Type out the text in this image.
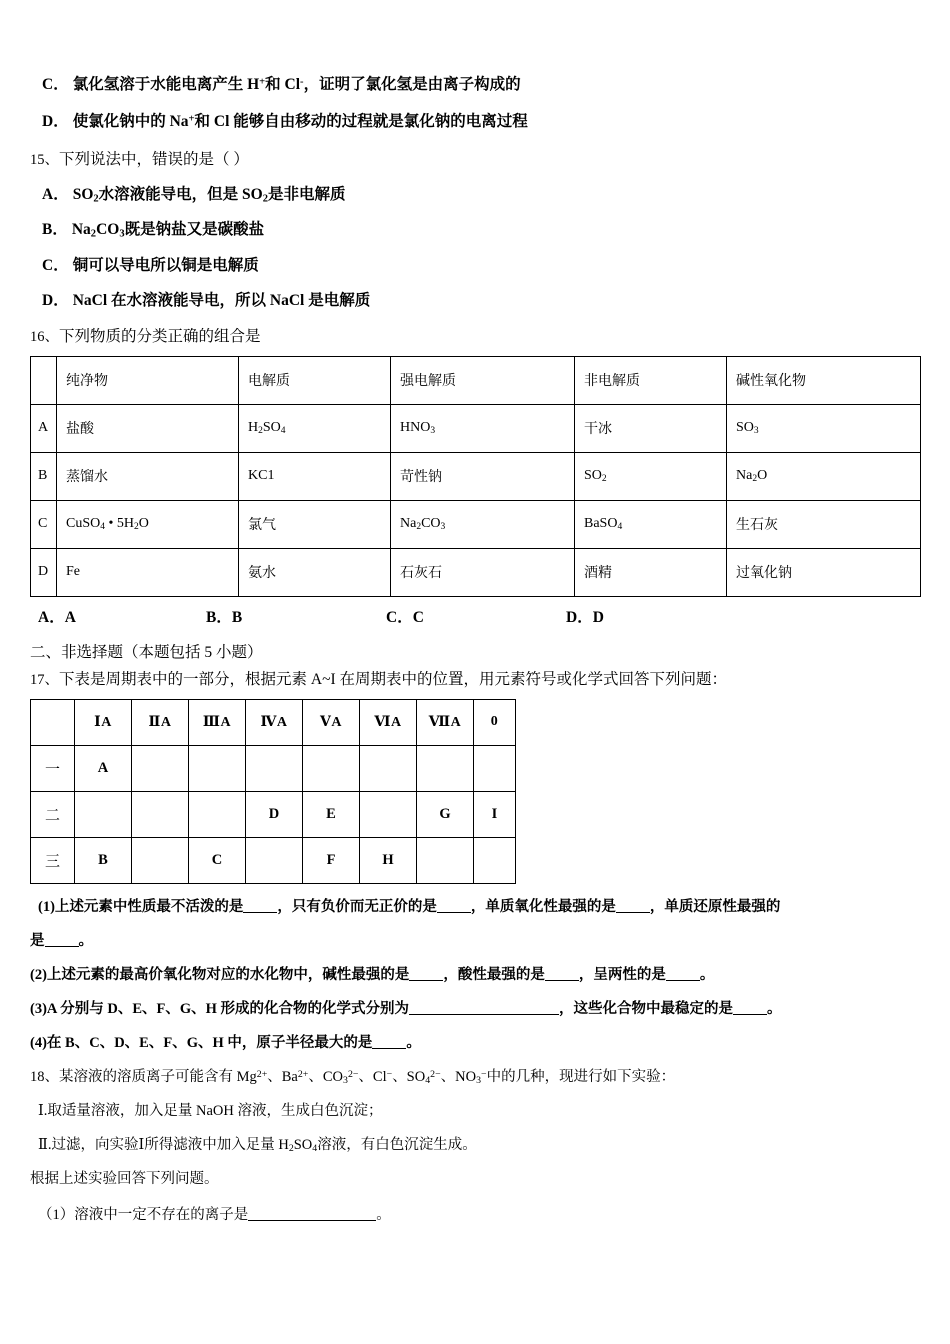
C． 氯化氢溶于水能电离产生 H+和 Cl-，证明了氯化氢是由离子构成的
D． 使氯化钠中的 Na+和 Cl 能够自由移动的过程就是氯化钠的电离过程
15、下列说法中，错误的是（ ）
A． $SO_2$水溶液能导电，但是 $SO_2$是非电解质
B． $Na_2CO_3$既是钠盐又是碳酸盐
C． 铜可以导电所以铜是电解质
D． NaCl 在水溶液能导电，所以 NaCl 是电解质
16、下列物质的分类正确的组合是
	纯净物	电解质	强电解质	非电解质	碱性氧化物
A	盐酸	$H_2SO_4$	$HNO_3$	干冰	$SO_3$
B	蒸馏水	KC1	苛性钠	$SO_2$	$Na_2O$
C	CuSO$_4$ • $5H_2O$	氯气	$Na_2CO_3$	BaSO$_4$	生石灰
D	Fe	氨水	石灰石	酒精	过氧化钠
A．A	B．B	C．C	D．D
二、非选择题（本题包括 5 小题）
17、下表是周期表中的一部分，根据元素 A~I 在周期表中的位置，用元素符号或化学式回答下列问题：
	ⅠA	ⅡA	ⅢA	ⅣA	ⅤA	ⅥA	ⅦA	0
一	A							
二				D	E		G	I
三	B		C		F	H		
(1)上述元素中性质最不活泼的是 ，只有负价而无正价的是 ，单质氧化性最强的是 ，单质还原性最强的
是 。
(2)上述元素的最高价氧化物对应的水化物中，碱性最强的是 ，酸性最强的是 ，呈两性的是 。
(3)A 分别与 D、E、F、G、H 形成的化合物的化学式分别为	，这些化合物中最稳定的是 。
(4)在 B、C、D、E、F、G、H 中，原子半径最大的是 。
18、某溶液的溶质离子可能含有 $Mg^{2+}$、$Ba^{2+}$、$CO_3^{2-}$、Cl−、$SO_4^{2-}$、$NO_3^-$中的几种，现进行如下实验：
Ⅰ.取适量溶液，加入足量 NaOH 溶液，生成白色沉淀；
Ⅱ.过滤，向实验Ⅰ所得滤液中加入足量 $H_2SO_4$溶液，有白色沉淀生成。
根据上述实验回答下列问题。
（1）溶液中一定不存在的离子是	。
